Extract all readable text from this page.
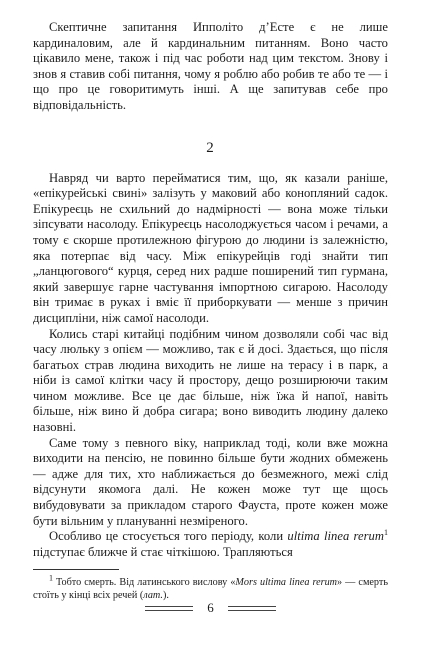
Скептичне запитання Ипполіто д’Есте є не лише кардиналовим, але й кардинальним питанням. Воно часто цікавило мене, також і під час роботи над цим текстом. Знову і знов я ставив собі питання, чому я роблю або робив те або те — і що про це говоритимуть інші. А ще запитував себе про відповідальність.

2

Навряд чи варто перейматися тим, що, як казали раніше, «епікурейські свині» залізуть у маковий або конопляний садок. Епікуреєць не схильний до надмірності — вона може тільки зіпсувати насолоду. Епікуреєць насолоджується часом і речами, а тому є скорше протилежною фігурою до людини із залежністю, яка потерпає від часу. Між епікурейців годі знайти тип „ланцюгового“ курця, серед них радше поширений тип гурмана, який завершує гарне частування імпортною сигарою. Насолоду він тримає в руках і вміє її приборкувати — менше з причин дисципліни, ніж самої насолоди.

Колись старі китайці подібним чином дозволяли собі час від часу люльку з опієм — можливо, так є й досі. Здається, що після багатьох страв людина виходить не лише на терасу і в парк, а ніби із самої клітки часу й простору, дещо розширюючи таким чином можливе. Все це дає більше, ніж їжа й напої, навіть більше, ніж вино й добра сигара; воно виводить людину далеко назовні.

Саме тому з певного віку, наприклад тоді, коли вже можна виходити на пенсію, не повинно більше бути жодних обмежень — адже для тих, хто наближається до безмежного, межі слід відсунути якомога далі. Не кожен може тут ще щось вибудовувати за прикладом старого Фауста, проте кожен може бути вільним у плануванні незміреного.

Особливо це стосується того періоду, коли ultima linea rerum$^1$ підступає ближче й стає чіткішою. Трапляються

$^1$ Тобто смерть. Від латинського вислову «Mors ultima linea rerum» — смерть стоїть у кінці всіх речей (лат.).

6
